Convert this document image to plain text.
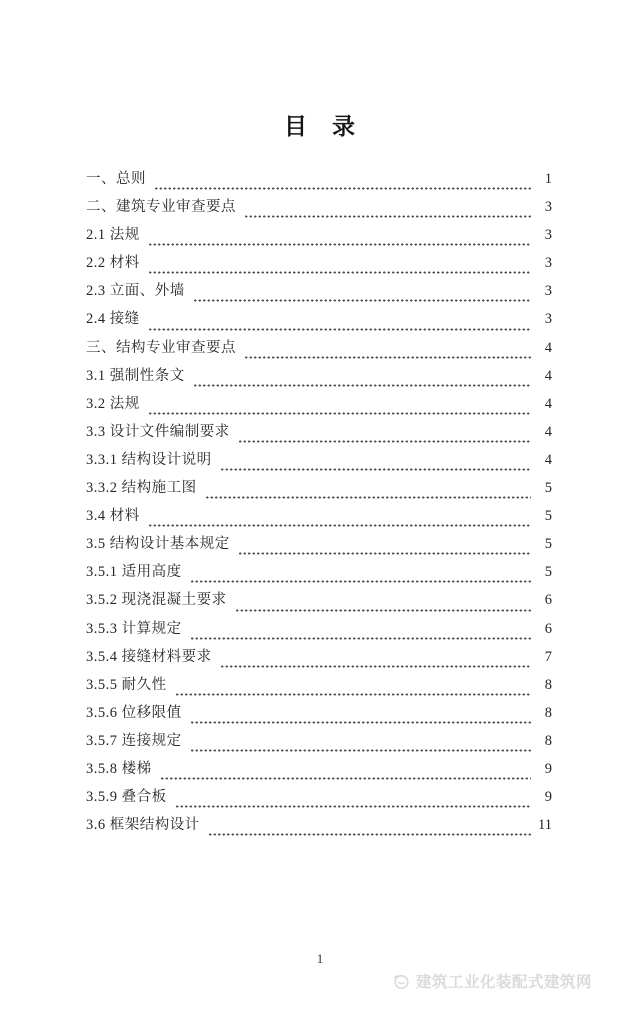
目　录
一、总则	1
二、建筑专业审查要点	3
2.1 法规	3
2.2 材料	3
2.3 立面、外墙	3
2.4 接缝	3
三、结构专业审查要点	4
3.1 强制性条文	4
3.2 法规	4
3.3 设计文件编制要求	4
3.3.1 结构设计说明	4
3.3.2 结构施工图	5
3.4 材料	5
3.5 结构设计基本规定	5
3.5.1 适用高度	5
3.5.2 现浇混凝土要求	6
3.5.3 计算规定	6
3.5.4 接缝材料要求	7
3.5.5 耐久性	8
3.5.6 位移限值	8
3.5.7 连接规定	8
3.5.8 楼梯	9
3.5.9 叠合板	9
3.6 框架结构设计	11
1
建筑工业化装配式建筑网
